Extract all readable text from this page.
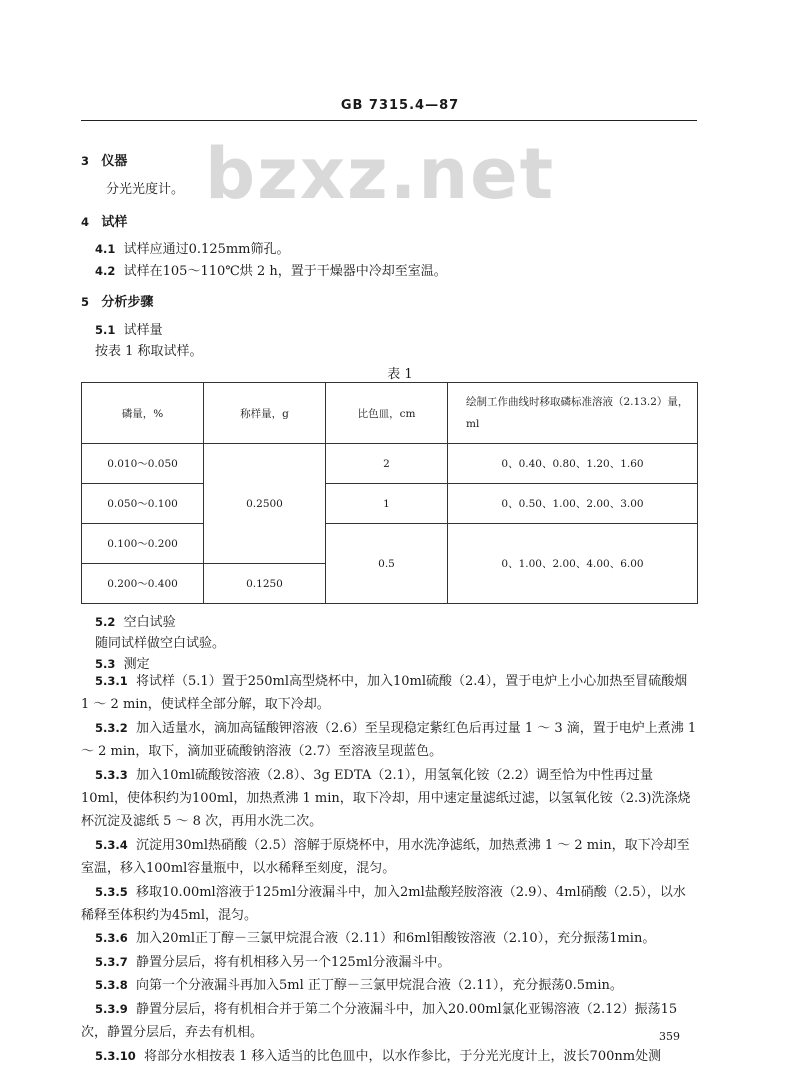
GB 7315.4—87
bzxz.net
3 仪器
分光光度计。
4 试样
4.1 试样应通过0.125mm筛孔。
4.2 试样在105～110℃烘 2 h，置于干燥器中冷却至室温。
5 分析步骤
5.1 试样量
按表 1 称取试样。
表 1
磷量，%	称样量，g	比色皿，cm	绘制工作曲线时移取磷标准溶液（2.13.2）量，ml
0.010～0.050	0.2500	2	0、0.40、0.80、1.20、1.60
0.050～0.100		1	0、0.50、1.00、2.00、3.00
0.100～0.200		0.5	0、1.00、2.00、4.00、6.00
0.200～0.400	0.1250		
5.2 空白试验
随同试样做空白试验。
5.3 测定

5.3.1 将试样（5.1）置于250ml高型烧杯中，加入10ml硫酸（2.4），置于电炉上小心加热至冒硫酸烟 1 ～ 2 min，使试样全部分解，取下冷却。

5.3.2 加入适量水，滴加高锰酸钾溶液（2.6）至呈现稳定紫红色后再过量 1 ～ 3 滴，置于电炉上煮沸 1 ～ 2 min，取下，滴加亚硫酸钠溶液（2.7）至溶液呈现蓝色。

5.3.3 加入10ml硫酸铵溶液（2.8）、3g EDTA（2.1），用氢氧化铵（2.2）调至恰为中性再过量10ml，使体积约为100ml，加热煮沸 1 min，取下冷却，用中速定量滤纸过滤，以氢氧化铵（2.3)洗涤烧杯沉淀及滤纸 5 ～ 8 次，再用水洗二次。

5.3.4 沉淀用30ml热硝酸（2.5）溶解于原烧杯中，用水洗净滤纸，加热煮沸 1 ～ 2 min，取下冷却至室温，移入100ml容量瓶中，以水稀释至刻度，混匀。

5.3.5 移取10.00ml溶液于125ml分液漏斗中，加入2ml盐酸羟胺溶液（2.9）、4ml硝酸（2.5），以水稀释至体积约为45ml，混匀。

5.3.6 加入20ml正丁醇－三氯甲烷混合液（2.11）和6ml钼酸铵溶液（2.10），充分振荡1min。

5.3.7 静置分层后，将有机相移入另一个125ml分液漏斗中。

5.3.8 向第一个分液漏斗再加入5ml 正丁醇－三氯甲烷混合液（2.11），充分振荡0.5min。

5.3.9 静置分层后，将有机相合并于第二个分液漏斗中，加入20.00ml氯化亚锡溶液（2.12）振荡15次，静置分层后，弃去有机相。

5.3.10 将部分水相按表 1 移入适当的比色皿中，以水作参比，于分光光度计上，波长700nm处测

359
